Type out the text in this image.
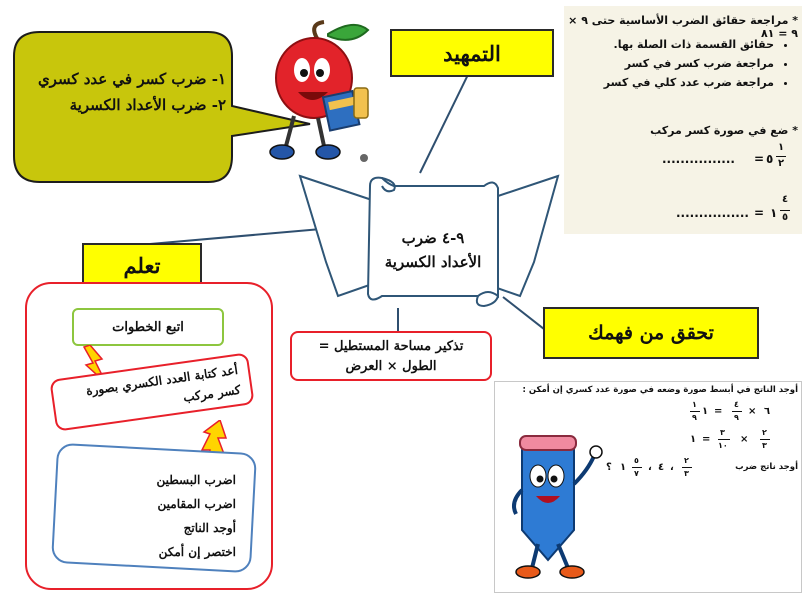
٩-٤ ضرب
الأعداد الكسرية
١- ضرب كسر في عدد كسري
٢- ضرب الأعداد الكسرية
التمهيد
تعلم
تحقق من فهمك
* مراجعة حقائق الضرب الأساسية حتى ٩ × ٩ = ٨١
• حقائق القسمة ذات الصلة بها.
• مراجعة ضرب كسر في كسر
• مراجعة ضرب عدد كلي في كسر
* ضع في صورة كسر مركب
................ = ٥
١
٢
................ = ١
٤
٥
تذكير مساحة المستطيل =
الطول × العرض
اتبع الخطوات
أعد كتابة العدد الكسري بصورة كسر مركب
اضرب البسطين
اضرب المقامين
أوجد الناتج
اختصر إن أمكن
أوجد الناتج في أبسط صورة وضعه في صورة عدد كسري إن أمكن :
١
٩
١ =
٤
٩
× ٦
١ =
٣
١٠
×
٢
٣
؟ ١
٥
٧
، ٤ ،
٢
٣
أوجد ناتج ضرب
